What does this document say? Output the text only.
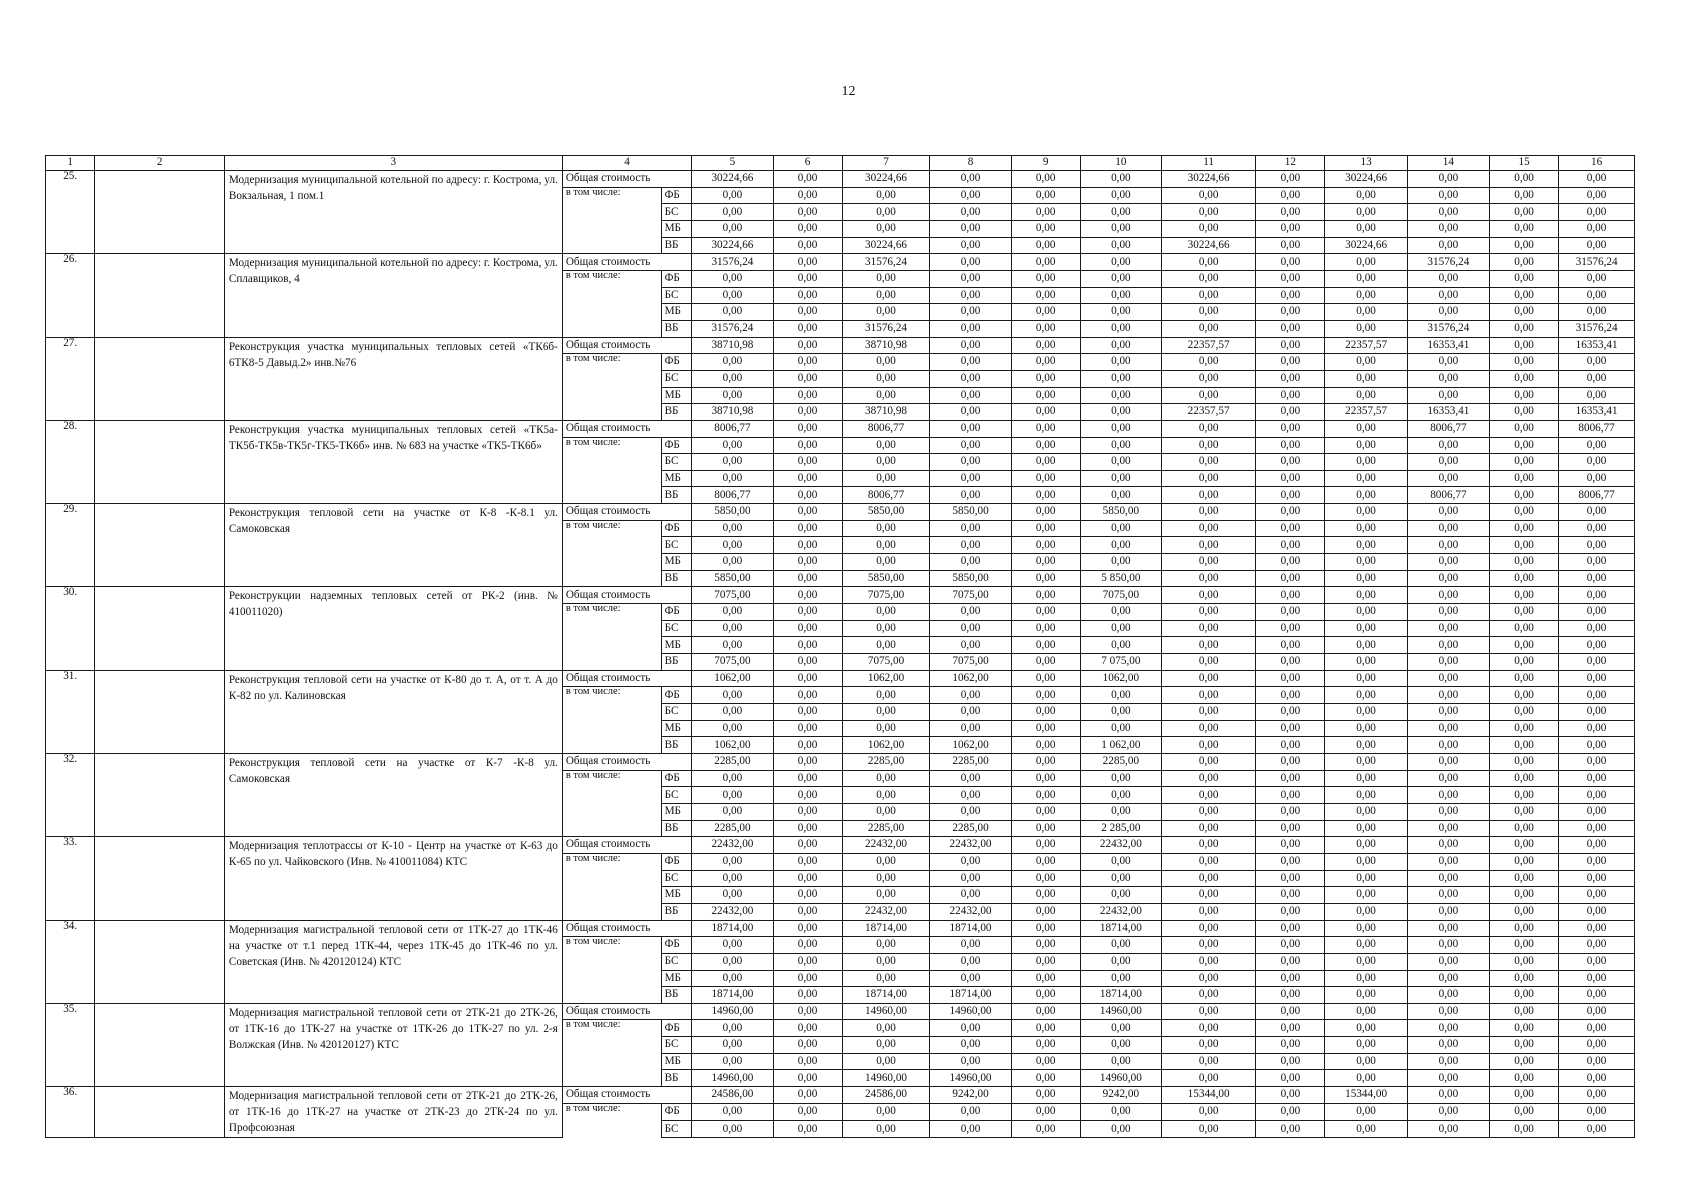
12
1	2	3	4		5	6	7	8	9	10	11	12	13	14	15	16
25.		Модернизация муниципальной котельной по адресу: г. Кострома, ул. Вокзальная, 1 пом.1	Общая стоимость		30224,66	0,00	30224,66	0,00	0,00	0,00	30224,66	0,00	30224,66	0,00	0,00	0,00
			в том числе:	ФБ	0,00	0,00	0,00	0,00	0,00	0,00	0,00	0,00	0,00	0,00	0,00	0,00
				БС	0,00	0,00	0,00	0,00	0,00	0,00	0,00	0,00	0,00	0,00	0,00	0,00
				МБ	0,00	0,00	0,00	0,00	0,00	0,00	0,00	0,00	0,00	0,00	0,00	0,00
				ВБ	30224,66	0,00	30224,66	0,00	0,00	0,00	30224,66	0,00	30224,66	0,00	0,00	0,00
26.		Модернизация муниципальной котельной по адресу: г. Кострома, ул. Сплавщиков, 4	Общая стоимость		31576,24	0,00	31576,24	0,00	0,00	0,00	0,00	0,00	0,00	31576,24	0,00	31576,24
			в том числе:	ФБ	0,00	0,00	0,00	0,00	0,00	0,00	0,00	0,00	0,00	0,00	0,00	0,00
				БС	0,00	0,00	0,00	0,00	0,00	0,00	0,00	0,00	0,00	0,00	0,00	0,00
				МБ	0,00	0,00	0,00	0,00	0,00	0,00	0,00	0,00	0,00	0,00	0,00	0,00
				ВБ	31576,24	0,00	31576,24	0,00	0,00	0,00	0,00	0,00	0,00	31576,24	0,00	31576,24
27.		Реконструкция участка муниципальных тепловых сетей «ТК6б- 6ТК8-5 Давыд.2» инв.№76	Общая стоимость		38710,98	0,00	38710,98	0,00	0,00	0,00	22357,57	0,00	22357,57	16353,41	0,00	16353,41
			в том числе:	ФБ	0,00	0,00	0,00	0,00	0,00	0,00	0,00	0,00	0,00	0,00	0,00	0,00
				БС	0,00	0,00	0,00	0,00	0,00	0,00	0,00	0,00	0,00	0,00	0,00	0,00
				МБ	0,00	0,00	0,00	0,00	0,00	0,00	0,00	0,00	0,00	0,00	0,00	0,00
				ВБ	38710,98	0,00	38710,98	0,00	0,00	0,00	22357,57	0,00	22357,57	16353,41	0,00	16353,41
28.		Реконструкция участка муниципальных тепловых сетей «ТК5а-ТК5б-ТК5в-ТК5г-ТК5-ТК6б» инв. № 683 на участке «ТК5-ТК6б»	Общая стоимость		8006,77	0,00	8006,77	0,00	0,00	0,00	0,00	0,00	0,00	8006,77	0,00	8006,77
			в том числе:	ФБ	0,00	0,00	0,00	0,00	0,00	0,00	0,00	0,00	0,00	0,00	0,00	0,00
				БС	0,00	0,00	0,00	0,00	0,00	0,00	0,00	0,00	0,00	0,00	0,00	0,00
				МБ	0,00	0,00	0,00	0,00	0,00	0,00	0,00	0,00	0,00	0,00	0,00	0,00
				ВБ	8006,77	0,00	8006,77	0,00	0,00	0,00	0,00	0,00	0,00	8006,77	0,00	8006,77
29.		Реконструкция тепловой сети на участке от К-8 -К-8.1 ул. Самоковская	Общая стоимость		5850,00	0,00	5850,00	5850,00	0,00	5850,00	0,00	0,00	0,00	0,00	0,00	0,00
			в том числе:	ФБ	0,00	0,00	0,00	0,00	0,00	0,00	0,00	0,00	0,00	0,00	0,00	0,00
				БС	0,00	0,00	0,00	0,00	0,00	0,00	0,00	0,00	0,00	0,00	0,00	0,00
				МБ	0,00	0,00	0,00	0,00	0,00	0,00	0,00	0,00	0,00	0,00	0,00	0,00
				ВБ	5850,00	0,00	5850,00	5850,00	0,00	5 850,00	0,00	0,00	0,00	0,00	0,00	0,00
30.		Реконструкции надземных тепловых сетей от РК-2 (инв. № 410011020)	Общая стоимость		7075,00	0,00	7075,00	7075,00	0,00	7075,00	0,00	0,00	0,00	0,00	0,00	0,00
			в том числе:	ФБ	0,00	0,00	0,00	0,00	0,00	0,00	0,00	0,00	0,00	0,00	0,00	0,00
				БС	0,00	0,00	0,00	0,00	0,00	0,00	0,00	0,00	0,00	0,00	0,00	0,00
				МБ	0,00	0,00	0,00	0,00	0,00	0,00	0,00	0,00	0,00	0,00	0,00	0,00
				ВБ	7075,00	0,00	7075,00	7075,00	0,00	7 075,00	0,00	0,00	0,00	0,00	0,00	0,00
31.		Реконструкция тепловой сети на участке от К-80 до т. А, от т. А до К-82 по ул. Калиновская	Общая стоимость		1062,00	0,00	1062,00	1062,00	0,00	1062,00	0,00	0,00	0,00	0,00	0,00	0,00
			в том числе:	ФБ	0,00	0,00	0,00	0,00	0,00	0,00	0,00	0,00	0,00	0,00	0,00	0,00
				БС	0,00	0,00	0,00	0,00	0,00	0,00	0,00	0,00	0,00	0,00	0,00	0,00
				МБ	0,00	0,00	0,00	0,00	0,00	0,00	0,00	0,00	0,00	0,00	0,00	0,00
				ВБ	1062,00	0,00	1062,00	1062,00	0,00	1 062,00	0,00	0,00	0,00	0,00	0,00	0,00
32.		Реконструкция тепловой сети на участке от К-7 -К-8 ул. Самоковская	Общая стоимость		2285,00	0,00	2285,00	2285,00	0,00	2285,00	0,00	0,00	0,00	0,00	0,00	0,00
			в том числе:	ФБ	0,00	0,00	0,00	0,00	0,00	0,00	0,00	0,00	0,00	0,00	0,00	0,00
				БС	0,00	0,00	0,00	0,00	0,00	0,00	0,00	0,00	0,00	0,00	0,00	0,00
				МБ	0,00	0,00	0,00	0,00	0,00	0,00	0,00	0,00	0,00	0,00	0,00	0,00
				ВБ	2285,00	0,00	2285,00	2285,00	0,00	2 285,00	0,00	0,00	0,00	0,00	0,00	0,00
33.		Модернизация теплотрассы от К-10 - Центр на участке от К-63 до К-65 по ул. Чайковского (Инв. № 410011084) КТС	Общая стоимость		22432,00	0,00	22432,00	22432,00	0,00	22432,00	0,00	0,00	0,00	0,00	0,00	0,00
			в том числе:	ФБ	0,00	0,00	0,00	0,00	0,00	0,00	0,00	0,00	0,00	0,00	0,00	0,00
				БС	0,00	0,00	0,00	0,00	0,00	0,00	0,00	0,00	0,00	0,00	0,00	0,00
				МБ	0,00	0,00	0,00	0,00	0,00	0,00	0,00	0,00	0,00	0,00	0,00	0,00
				ВБ	22432,00	0,00	22432,00	22432,00	0,00	22432,00	0,00	0,00	0,00	0,00	0,00	0,00
34.		Модернизация магистральной тепловой сети от 1ТК-27 до 1ТК-46 на участке от т.1 перед 1ТК-44, через 1ТК-45 до 1ТК-46 по ул. Советская (Инв. № 420120124) КТС	Общая стоимость		18714,00	0,00	18714,00	18714,00	0,00	18714,00	0,00	0,00	0,00	0,00	0,00	0,00
			в том числе:	ФБ	0,00	0,00	0,00	0,00	0,00	0,00	0,00	0,00	0,00	0,00	0,00	0,00
				БС	0,00	0,00	0,00	0,00	0,00	0,00	0,00	0,00	0,00	0,00	0,00	0,00
				МБ	0,00	0,00	0,00	0,00	0,00	0,00	0,00	0,00	0,00	0,00	0,00	0,00
				ВБ	18714,00	0,00	18714,00	18714,00	0,00	18714,00	0,00	0,00	0,00	0,00	0,00	0,00
35.		Модернизация магистральной тепловой сети от 2ТК-21 до 2ТК-26, от 1ТК-16 до 1ТК-27 на участке от 1ТК-26 до 1ТК-27 по ул. 2-я Волжская (Инв. № 420120127) КТС	Общая стоимость		14960,00	0,00	14960,00	14960,00	0,00	14960,00	0,00	0,00	0,00	0,00	0,00	0,00
			в том числе:	ФБ	0,00	0,00	0,00	0,00	0,00	0,00	0,00	0,00	0,00	0,00	0,00	0,00
				БС	0,00	0,00	0,00	0,00	0,00	0,00	0,00	0,00	0,00	0,00	0,00	0,00
				МБ	0,00	0,00	0,00	0,00	0,00	0,00	0,00	0,00	0,00	0,00	0,00	0,00
				ВБ	14960,00	0,00	14960,00	14960,00	0,00	14960,00	0,00	0,00	0,00	0,00	0,00	0,00
36.		Модернизация магистральной тепловой сети от 2ТК-21 до 2ТК-26, от 1ТК-16 до 1ТК-27 на участке от 2ТК-23 до 2ТК-24 по ул. Профсоюзная	Общая стоимость		24586,00	0,00	24586,00	9242,00	0,00	9242,00	15344,00	0,00	15344,00	0,00	0,00	0,00
			в том числе:	ФБ	0,00	0,00	0,00	0,00	0,00	0,00	0,00	0,00	0,00	0,00	0,00	0,00
				БС	0,00	0,00	0,00	0,00	0,00	0,00	0,00	0,00	0,00	0,00	0,00	0,00
